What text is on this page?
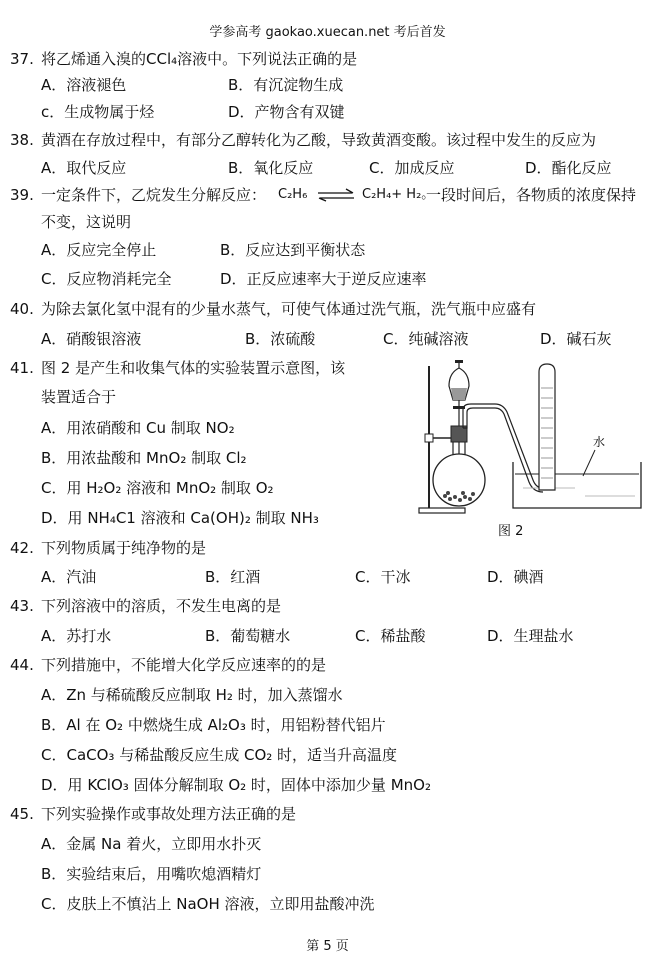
学参高考 gaokao.xuecan.net 考后首发
37. 将乙烯通入溴的CCl₄溶液中。下列说法正确的是
A．溶液褪色	B．有沉淀物生成
c．生成物属于烃	D．产物含有双键
38. 黄酒在存放过程中，有部分乙醇转化为乙酸，导致黄酒变酸。该过程中发生的反应为
A．取代反应	B．氧化反应	C．加成反应	D．酯化反应
39. 一定条件下，乙烷发生分解反应： C₂H₆ ⇌ C₂H₄+ H₂。
一段时间后，各物质的浓度保持
不变，这说明
A．反应完全停止	B．反应达到平衡状态
C．反应物消耗完全	D．正反应速率大于逆反应速率
40. 为除去氯化氢中混有的少量水蒸气，可使气体通过洗气瓶，洗气瓶中应盛有
A．硝酸银溶液	B．浓硫酸	C．纯碱溶液	D．碱石灰
41. 图 2 是产生和收集气体的实验装置示意图，该
装置适合于
A．用浓硝酸和 Cu 制取 NO₂
B．用浓盐酸和 MnO₂ 制取 Cl₂
C．用 H₂O₂ 溶液和 MnO₂ 制取 O₂
D．用 NH₄C1 溶液和 Ca(OH)₂ 制取 NH₃
水
图 2
42. 下列物质属于纯净物的是
A．汽油	B．红酒	C．干冰	D．碘酒
43. 下列溶液中的溶质，不发生电离的是
A．苏打水	B．葡萄糖水	C．稀盐酸	D．生理盐水
44. 下列措施中，不能增大化学反应速率的的是
A．Zn 与稀硫酸反应制取 H₂ 时，加入蒸馏水
B．Al 在 O₂ 中燃烧生成 Al₂O₃ 时，用铝粉替代铝片
C．CaCO₃ 与稀盐酸反应生成 CO₂ 时，适当升高温度
D．用 KClO₃ 固体分解制取 O₂ 时，固体中添加少量 MnO₂
45. 下列实验操作或事故处理方法正确的是
A．金属 Na 着火，立即用水扑灭
B．实验结束后，用嘴吹熄酒精灯
C．皮肤上不慎沾上 NaOH 溶液，立即用盐酸冲洗
第 5 页
